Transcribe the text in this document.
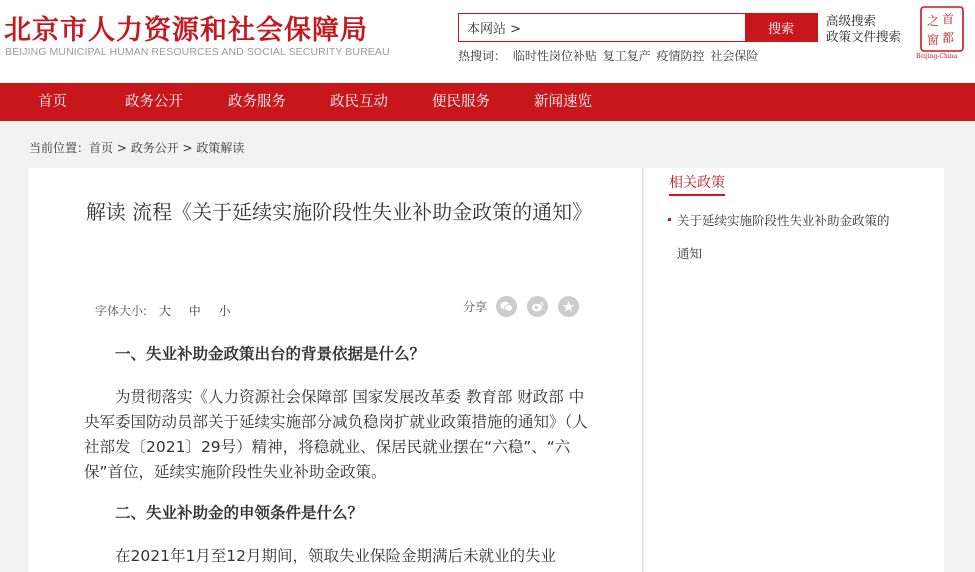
北京市人力资源和社会保障局
BEIJING MUNICIPAL HUMAN RESOURCES AND SOCIAL SECURITY BUREAU
本网站 >
搜索
高级搜索
政策文件搜索
热搜词： 临时性岗位补贴 复工复产 疫情防控 社会保险
之 首
窗 都
Beijing-China
首页	政务公开	政务服务	政民互动	便民服务	新闻速览
当前位置：首页 > 政务公开 > 政策解读
解读 流程《关于延续实施阶段性失业补助金政策的通知》
字体大小: 大 中 小	分享

一、失业补助金政策出台的背景依据是什么？

为贯彻落实《人力资源社会保障部 国家发展改革委 教育部 财政部 中央军委国防动员部关于延续实施部分减负稳岗扩就业政策措施的通知》（人社部发〔2021〕29号）精神，将稳就业、保居民就业摆在“六稳”、“六保”首位，延续实施阶段性失业补助金政策。

二、失业补助金的申领条件是什么？

在2021年1月至12月期间，领取失业保险金期满后未就业的失业

相关政策
关于延续实施阶段性失业补助金政策的通知
